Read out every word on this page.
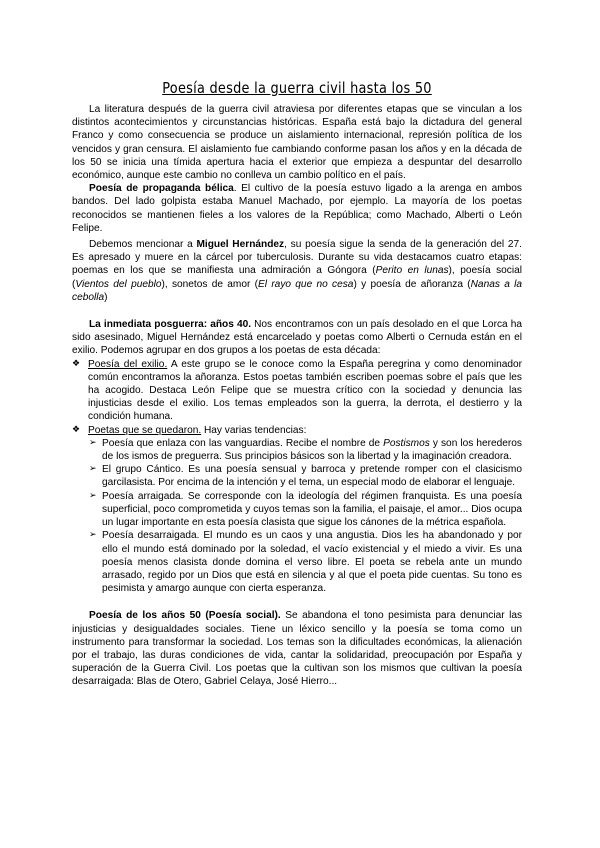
Poesía desde la guerra civil hasta los 50

La literatura después de la guerra civil atraviesa por diferentes etapas que se vinculan a los distintos acontecimientos y circunstancias históricas. España está bajo la dictadura del general Franco y como consecuencia se produce un aislamiento internacional, represión política de los vencidos y gran censura. El aislamiento fue cambiando conforme pasan los años y en la década de los 50 se inicia una tímida apertura hacia el exterior que empieza a despuntar del desarrollo económico, aunque este cambio no conlleva un cambio político en el país.

Poesía de propaganda bélica. El cultivo de la poesía estuvo ligado a la arenga en ambos bandos. Del lado golpista estaba Manuel Machado, por ejemplo. La mayoría de los poetas reconocidos se mantienen fieles a los valores de la República; como Machado, Alberti o León Felipe.

Debemos mencionar a Miguel Hernández, su poesía sigue la senda de la generación del 27. Es apresado y muere en la cárcel por tuberculosis. Durante su vida destacamos cuatro etapas: poemas en los que se manifiesta una admiración a Góngora (Perito en lunas), poesía social (Vientos del pueblo), sonetos de amor (El rayo que no cesa) y poesía de añoranza (Nanas a la cebolla)

La inmediata posguerra: años 40. Nos encontramos con un país desolado en el que Lorca ha sido asesinado, Miguel Hernández está encarcelado y poetas como Alberti o Cernuda están en el exilio. Podemos agrupar en dos grupos a los poetas de esta década:

❖ Poesía del exilio. A este grupo se le conoce como la España peregrina y como denominador común encontramos la añoranza. Estos poetas también escriben poemas sobre el país que les ha acogido. Destaca León Felipe que se muestra crítico con la sociedad y denuncia las injusticias desde el exilio. Los temas empleados son la guerra, la derrota, el destierro y la condición humana.

❖ Poetas que se quedaron. Hay varias tendencias:

➢ Poesía que enlaza con las vanguardias. Recibe el nombre de Postismos y son los herederos de los ismos de preguerra. Sus principios básicos son la libertad y la imaginación creadora.

➢ El grupo Cántico. Es una poesía sensual y barroca y pretende romper con el clasicismo garcilasista. Por encima de la intención y el tema, un especial modo de elaborar el lenguaje.

➢ Poesía arraigada. Se corresponde con la ideología del régimen franquista. Es una poesía superficial, poco comprometida y cuyos temas son la familia, el paisaje, el amor... Dios ocupa un lugar importante en esta poesía clasista que sigue los cánones de la métrica española.

➢ Poesía desarraigada. El mundo es un caos y una angustia. Dios les ha abandonado y por ello el mundo está dominado por la soledad, el vacío existencial y el miedo a vivir. Es una poesía menos clasista donde domina el verso libre. El poeta se rebela ante un mundo arrasado, regido por un Dios que está en silencia y al que el poeta pide cuentas. Su tono es pesimista y amargo aunque con cierta esperanza.

Poesía de los años 50 (Poesía social). Se abandona el tono pesimista para denunciar las injusticias y desigualdades sociales. Tiene un léxico sencillo y la poesía se toma como un instrumento para transformar la sociedad. Los temas son la dificultades económicas, la alienación por el trabajo, las duras condiciones de vida, cantar la solidaridad, preocupación por España y superación de la Guerra Civil. Los poetas que la cultivan son los mismos que cultivan la poesía desarraigada: Blas de Otero, Gabriel Celaya, José Hierro...
